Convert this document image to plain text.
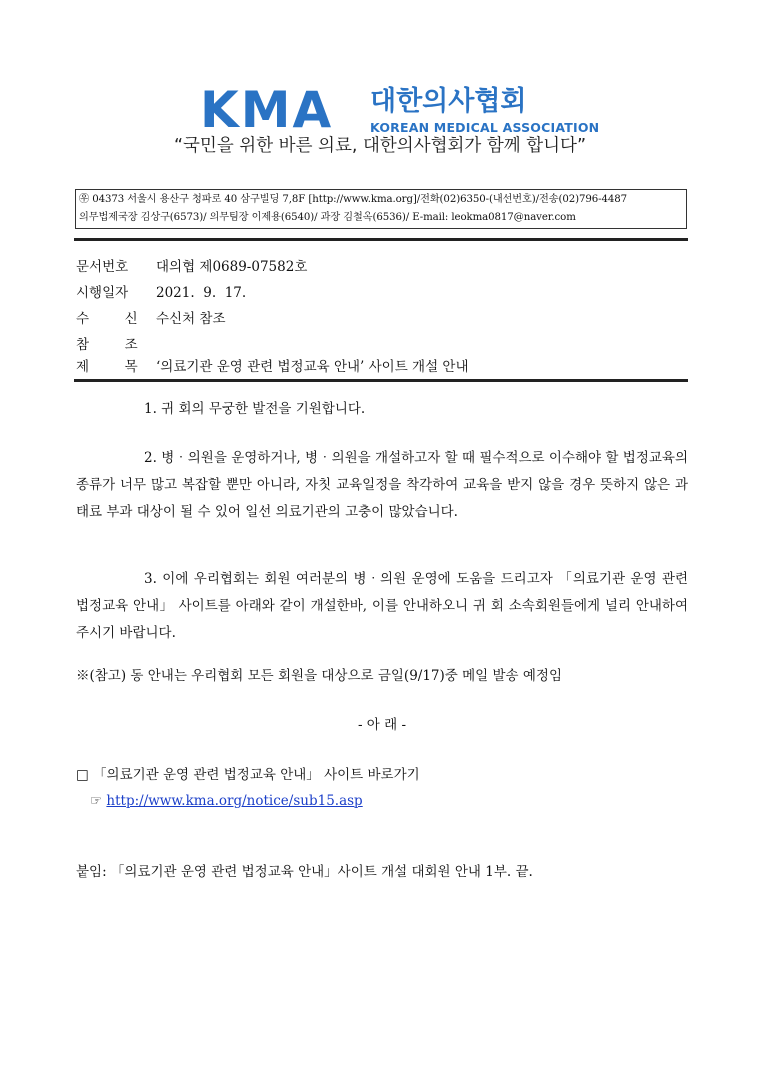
KMA 대한의사협회
KOREAN MEDICAL ASSOCIATION
“국민을 위한 바른 의료, 대한의사협회가 함께 합니다”
㉾ 04373 서울시 용산구 청파로 40 삼구빌딩 7,8F [http://www.kma.org]/전화(02)6350-(내선번호)/전송(02)796-4487
의무법제국장 김상구(6573)/ 의무팀장 이제용(6540)/ 과장 김철옥(6536)/ E-mail: leokma0817@naver.com
문서번호 대의협 제0689-07582호
시행일자 2021.  9.  17.
수  신 수신처 참조
참  조
제  목 ‘의료기관 운영 관련 법정교육 안내’ 사이트 개설 안내
1. 귀 회의 무궁한 발전을 기원합니다.
2. 병‧의원을 운영하거나, 병‧의원을 개설하고자 할 때 필수적으로 이수해야 할 법정교육의 종류가 너무 많고 복잡할 뿐만 아니라, 자칫 교육일정을 착각하여 교육을 받지 않을 경우 뜻하지 않은 과태료 부과 대상이 될 수 있어 일선 의료기관의 고충이 많았습니다.
3. 이에 우리협회는 회원 여러분의 병‧의원 운영에 도움을 드리고자 「의료기관 운영 관련 법정교육 안내」 사이트를 아래와 같이 개설한바, 이를 안내하오니 귀 회 소속회원들에게 널리 안내하여 주시기 바랍니다.
※(참고) 동 안내는 우리협회 모든 회원을 대상으로 금일(9/17)중 메일 발송 예정임
- 아 래 -
□ 「의료기관 운영 관련 법정교육 안내」 사이트 바로가기
☞ http://www.kma.org/notice/sub15.asp
붙임: 「의료기관 운영 관련 법정교육 안내」사이트 개설 대회원 안내 1부. 끝.
